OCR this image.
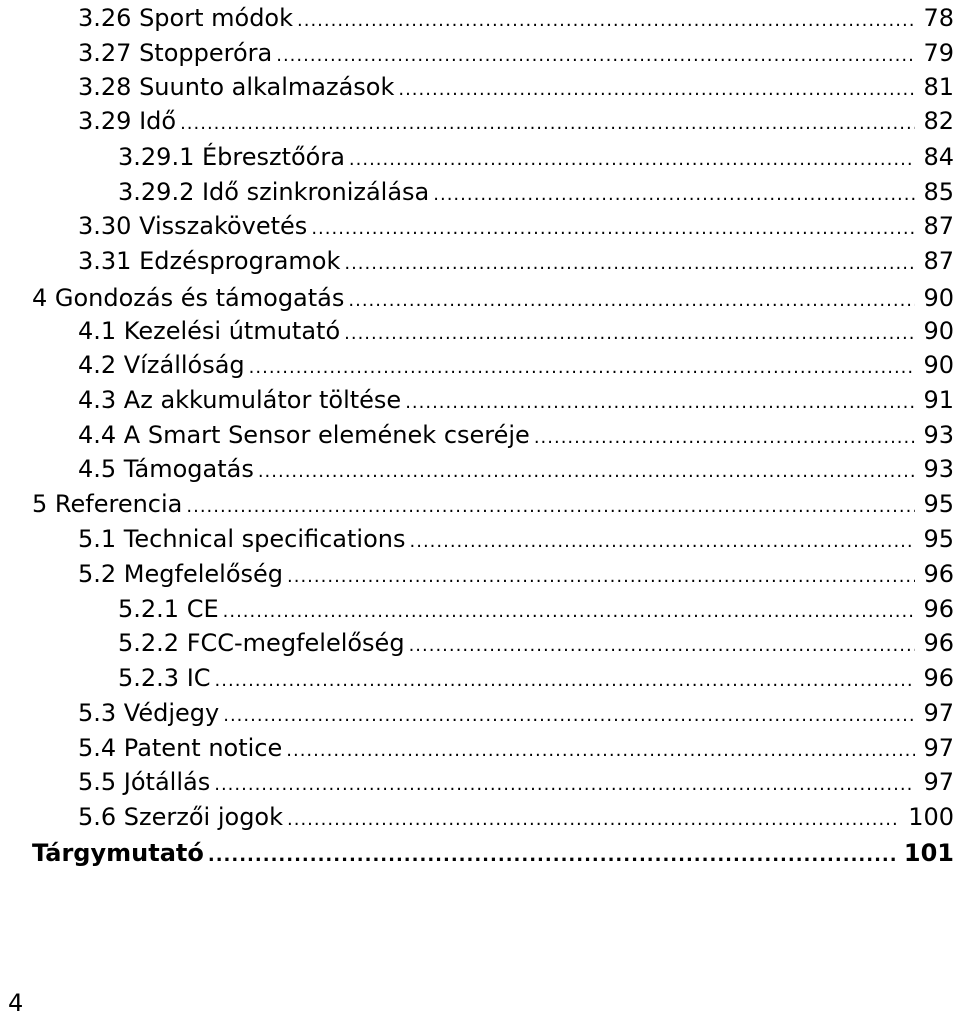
3.26 Sport módok .....	78
3.27 Stopperóra .....	79
3.28 Suunto alkalmazások .....	81
3.29 Idő .....	82
3.29.1 Ébresztőóra .....	84
3.29.2 Idő szinkronizálása .....	85
3.30 Visszakövetés .....	87
3.31 Edzésprogramok .....	87
4 Gondozás és támogatás .....	90
4.1 Kezelési útmutató .....	90
4.2 Vízállóság .....	90
4.3 Az akkumulátor töltése .....	91
4.4 A Smart Sensor elemének cseréje .....	93
4.5 Támogatás .....	93
5 Referencia .....	95
5.1 Technical specifications .....	95
5.2 Megfelelőség .....	96
5.2.1 CE .....	96
5.2.2 FCC-megfelelőség .....	96
5.2.3 IC .....	96
5.3 Védjegy .....	97
5.4 Patent notice .....	97
5.5 Jótállás .....	97
5.6 Szerzői jogok .....	100
Tárgymutató .....	101
4
